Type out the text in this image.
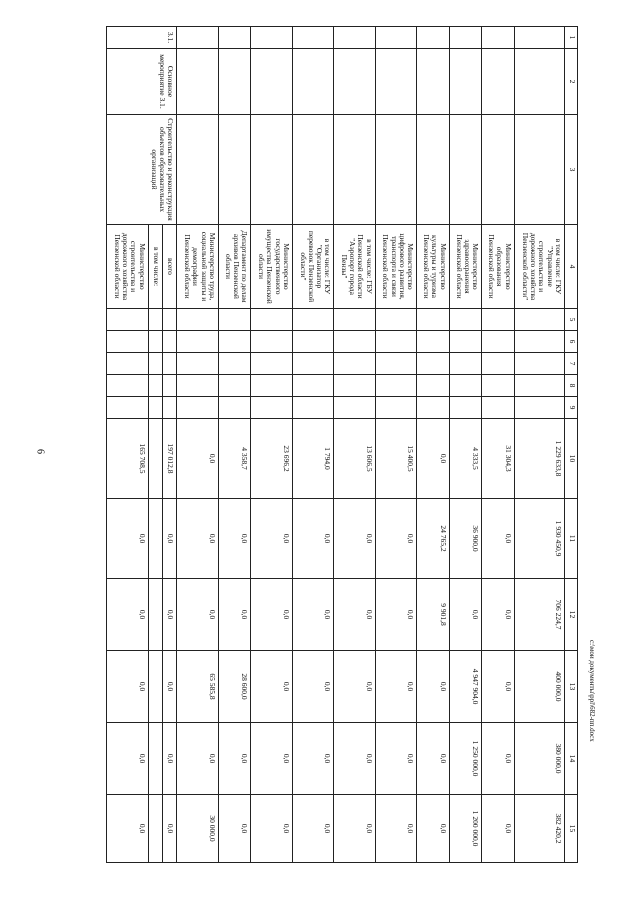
6
1	2	3	4	5	6	7	8	9	10	11	12	13	14	15
			в том числе: ГКУ "Управление строительства и дорожного хозяйства Пензенской области"						1 229 633,8	1 930 450,9	706 224,7	400 000,0	380 000,0	382 420,2
			Министерство образования Пензенской области						31 304,3	0,0	0,0	0,0	0,0	0,0
			Министерство здравоохранения Пензенской области						4 333,5	36 900,0	0,0	4 947 904,0	1 250 000,0	1 200 000,0
			Министерство культуры и туризма Пензенской области						0,0	24 765,2	9 901,8	0,0	0,0	0,0
			Министерство цифрового развития, транспорта и связи Пензенской области						15 400,5	0,0	0,0	0,0	0,0	0,0
			в том числе: ГБУ Пензенской области "Аэропорт города Пензы"						13 606,5	0,0	0,0	0,0	0,0	0,0
			в том числе: ГКУ "Организатор перевозок Пензенской области"						1 794,0	0,0	0,0	0,0	0,0	0,0
			Министерство государственного имущества Пензенской области						23 696,2	0,0	0,0	0,0	0,0	0,0
			Департамент по делам архивов Пензенской области						4 358,7	0,0	0,0	28 600,0	0,0	0,0
			Министерство труда, социальной защиты и демографии Пензенской области						0,0	0,0	0,0	65 585,8	0,0	30 000,0
3.1.	Основное мероприятие 3.1.	Строительство и реконструкция объектов образовательных организаций	всего						197 012,8	0,0	0,0	0,0	0,0	0,0
			в том числе:											
			Министерство строительства и дорожного хозяйства Пензенской области						165 708,5	0,0	0,0	0,0	0,0	0,0
c:\мои документы\ppl\682-пп.docx
